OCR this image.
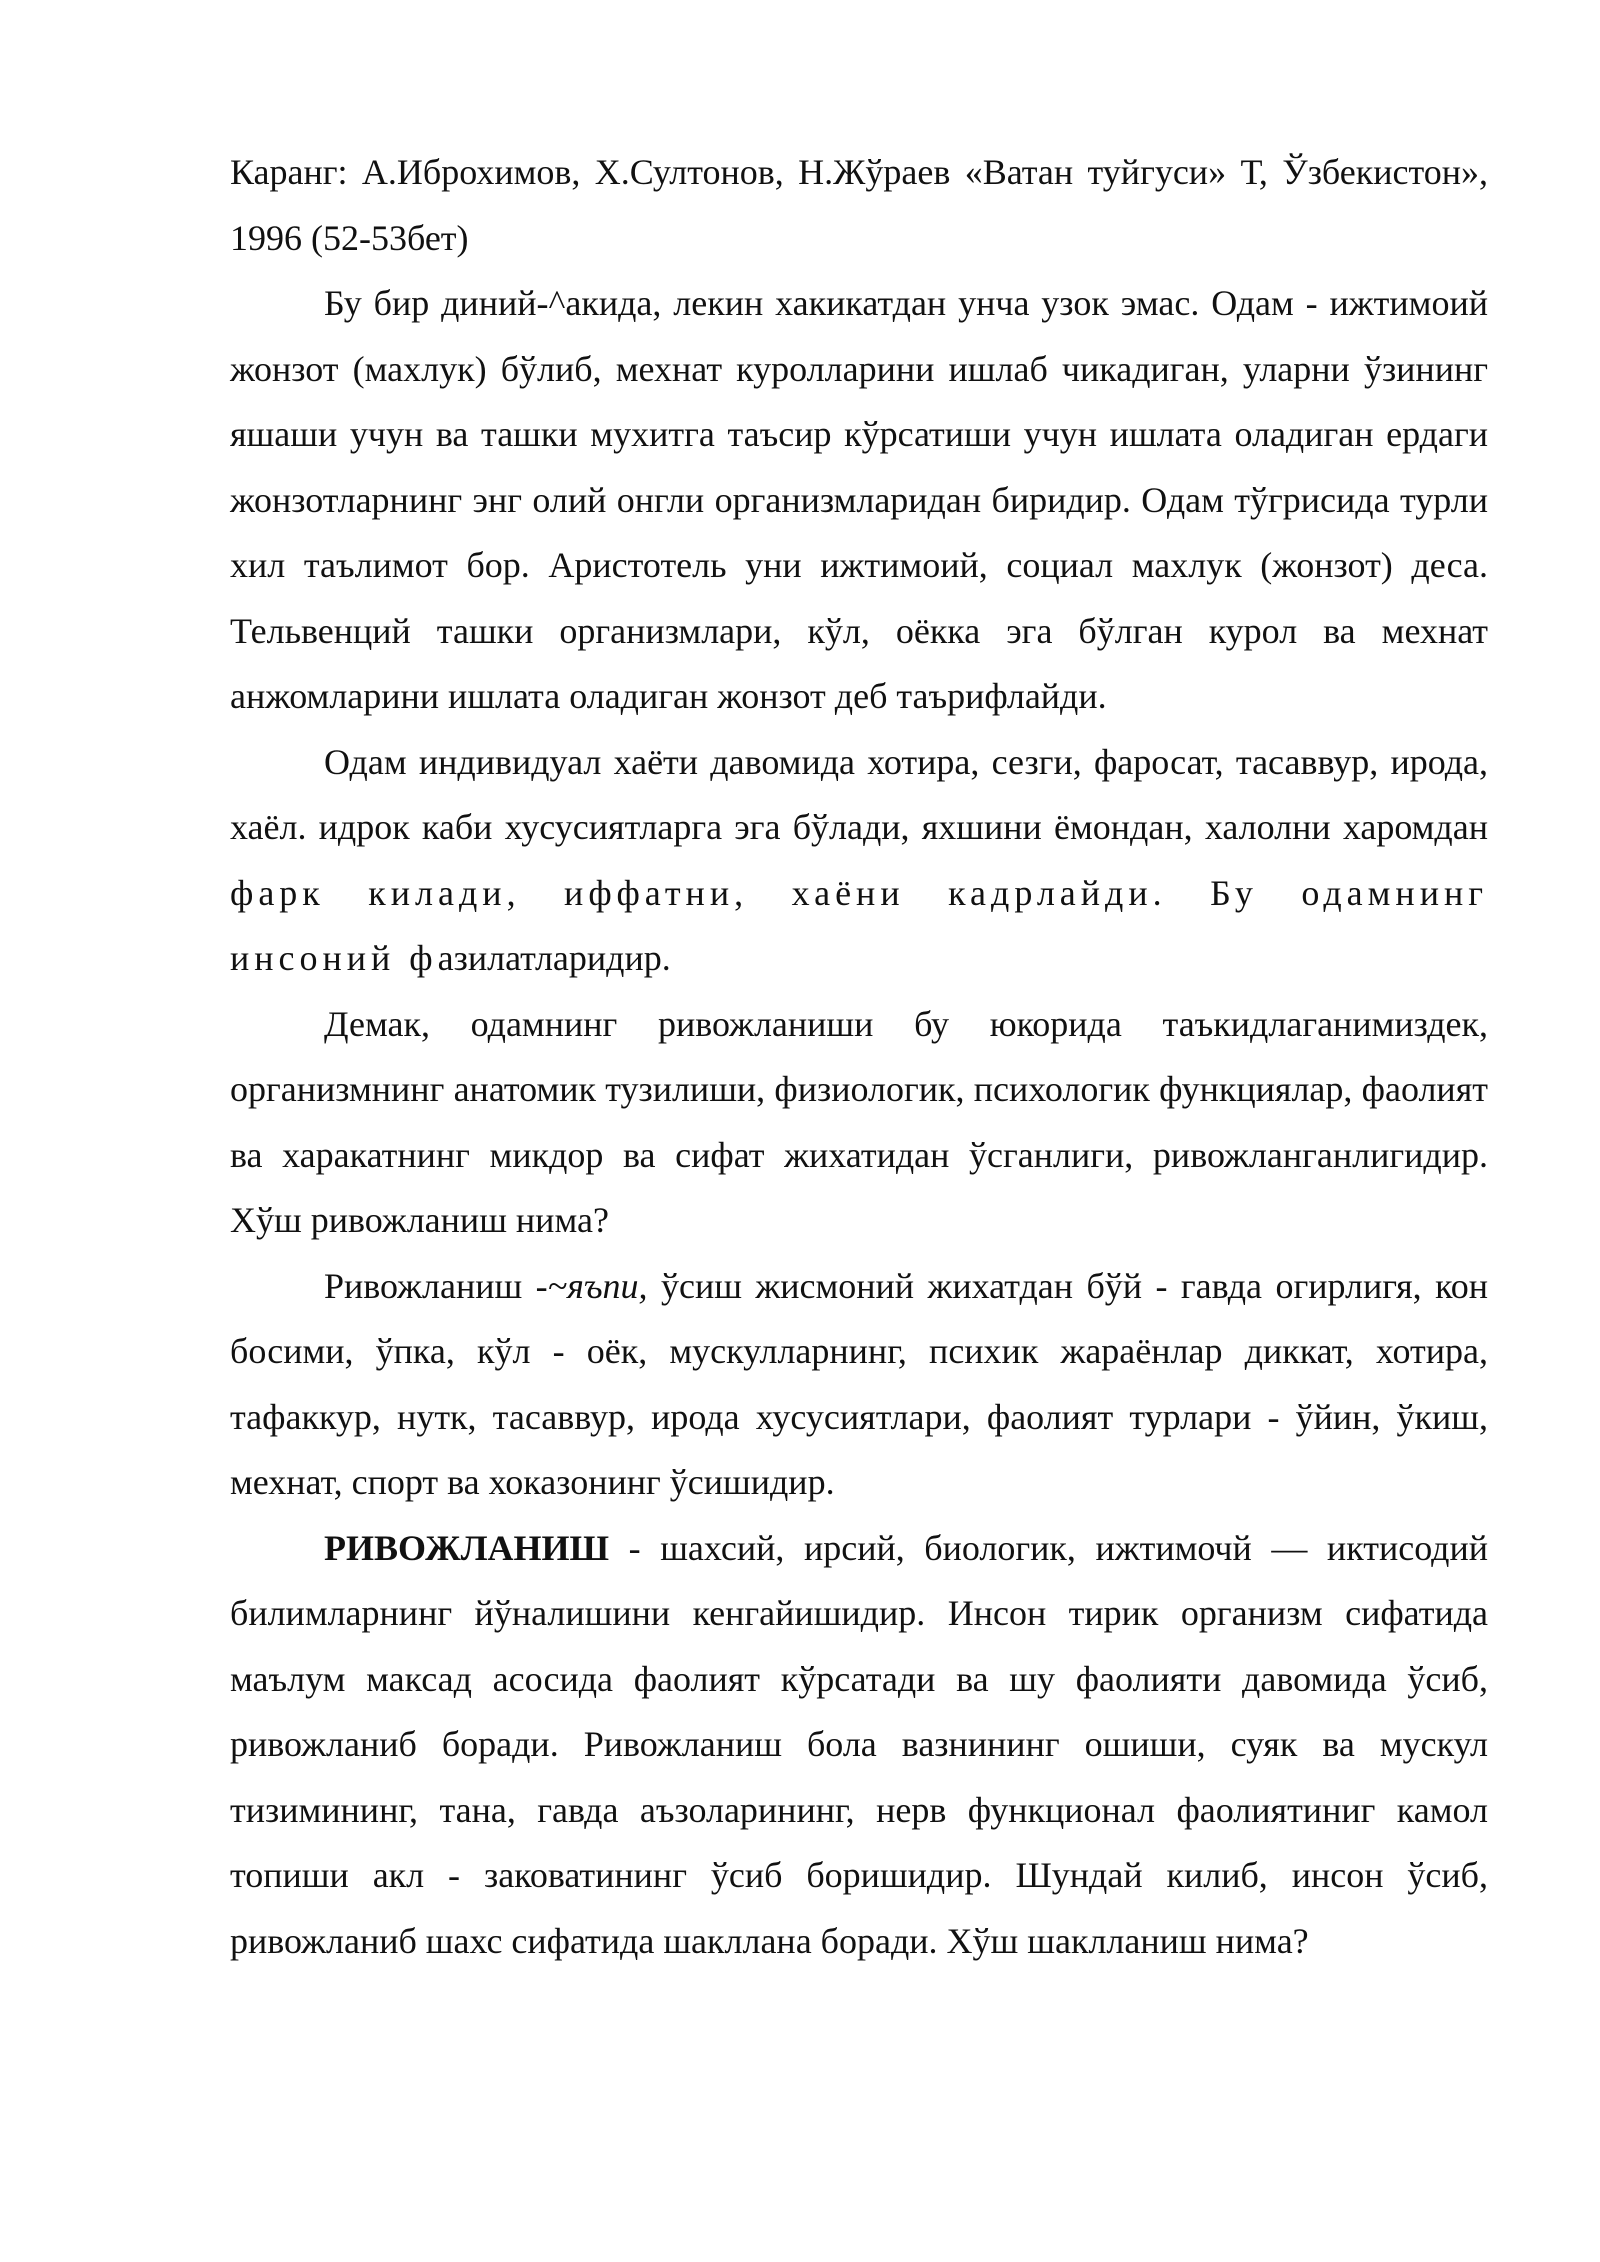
Каранг: А.Иброхимов, Х.Султонов, Н.Жўраев «Ватан туйгуси» Т, Ўзбекистон», 1996 (52-53бет)

Бу бир диний-^акида, лекин хакикатдан унча узок эмас. Одам - ижтимоий жонзот (махлук) бўлиб, мехнат куролларини ишлаб чикадиган, уларни ўзининг яшаши учун ва ташки мухитга таъсир кўрсатиши учун ишлата оладиган ердаги жонзотларнинг энг олий онгли организмларидан биридир. Одам тўгрисида турли хил таълимот бор. Аристотель уни ижтимоий, социал махлук (жонзот) деса. Тельвенций ташки организмлари, кўл, оёкка эга бўлган курол ва мехнат анжомларини ишлата оладиган жонзот деб таърифлайди.

Одам индивидуал хаёти давомида хотира, сезги, фаросат, тасаввур, ирода, хаёл. идрок каби хусусиятларга эга бўлади, яхшини ёмондан, халолни харомдан фарк килади, иффатни, хаёни кадрлайди. Бу одамнинг инсоний фазилатларидир.

Демак, одамнинг ривожланиши бу юкорида таъкидлаганимиздек, организмнинг анатомик тузилиши, физиологик, психологик функциялар, фаолият ва харакатнинг микдор ва сифат жихатидан ўсганлиги, ривожланганлигидир. Хўш ривожланиш нима?

Ривожланиш -~яъпи, ўсиш жисмоний жихатдан бўй - гавда огирлигя, кон босими, ўпка, кўл - оёк, мускулларнинг, психик жараёнлар диккат, хотира, тафаккур, нутк, тасаввур, ирода хусусиятлари, фаолият турлари - ўйин, ўкиш, мехнат, спорт ва хоказонинг ўсишидир.

РИВОЖЛАНИШ - шахсий, ирсий, биологик, ижтимочй — иктисодий билимларнинг йўналишини кенгайишидир. Инсон тирик организм сифатида маълум максад асосида фаолият кўрсатади ва шу фаолияти давомида ўсиб, ривожланиб боради. Ривожланиш бола вазнининг ошиши, суяк ва мускул тизимининг, тана, гавда аъзоларининг, нерв функционал фаолиятиниг камол топиши акл - заковатининг ўсиб боришидир. Шундай килиб, инсон ўсиб, ривожланиб шахс сифатида шакллана боради. Хўш шаклланиш нима?
